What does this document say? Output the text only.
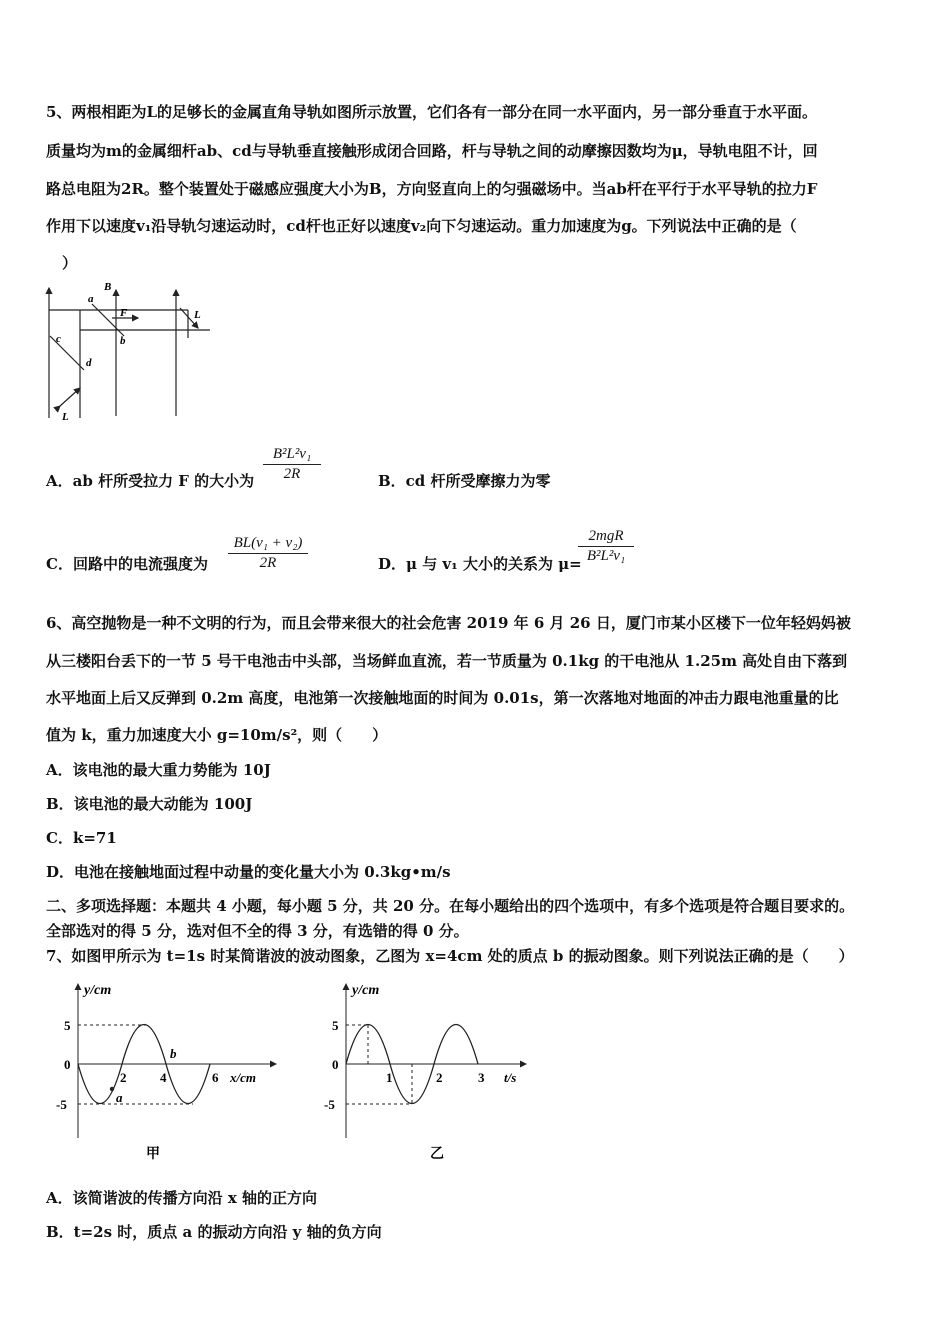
5、两根相距为L的足够长的金属直角导轨如图所示放置，它们各有一部分在同一水平面内，另一部分垂直于水平面。
质量均为m的金属细杆ab、cd与导轨垂直接触形成闭合回路，杆与导轨之间的动摩擦因数均为μ，导轨电阻不计，回
路总电阻为2R。整个装置处于磁感应强度大小为B，方向竖直向上的匀强磁场中。当ab杆在平行于水平导轨的拉力F
作用下以速度v₁沿导轨匀速运动时，cd杆也正好以速度v₂向下匀速运动。重力加速度为g。下列说法中正确的是（
）
a
B
F	L
c	b
d
L
A．ab 杆所受拉力 F 的大小为
B²L²v₁
2R	B．cd 杆所受摩擦力为零
C．回路中的电流强度为
BL(v₁ + v₂)
2R	D．μ 与 v₁ 大小的关系为 μ=
2mgR
B²L²v₁
6、高空抛物是一种不文明的行为，而且会带来很大的社会危害 2019 年 6 月 26 日，厦门市某小区楼下一位年轻妈妈被
从三楼阳台丢下的一节 5 号干电池击中头部，当场鲜血直流，若一节质量为 0.1kg 的干电池从 1.25m 高处自由下落到
水平地面上后又反弹到 0.2m 高度，电池第一次接触地面的时间为 0.01s，第一次落地对地面的冲击力跟电池重量的比
值为 k，重力加速度大小 g=10m/s²，则（　　）
A．该电池的最大重力势能为 10J
B．该电池的最大动能为 100J
C．k=71
D．电池在接触地面过程中动量的变化量大小为 0.3kg•m/s
二、多项选择题：本题共 4 小题，每小题 5 分，共 20 分。在每小题给出的四个选项中，有多个选项是符合题目要求的。
全部选对的得 5 分，选对但不全的得 3 分，有选错的得 0 分。
7、如图甲所示为 t=1s 时某简谐波的波动图象，乙图为 x=4cm 处的质点 b 的振动图象。则下列说法正确的是（　　）
y/cm
5
0
-5
2	4	6 x/cm
a
b
甲
y/cm
5
0
-5
1	2	3 t/s
乙
A．该简谐波的传播方向沿 x 轴的正方向
B．t=2s 时，质点 a 的振动方向沿 y 轴的负方向
